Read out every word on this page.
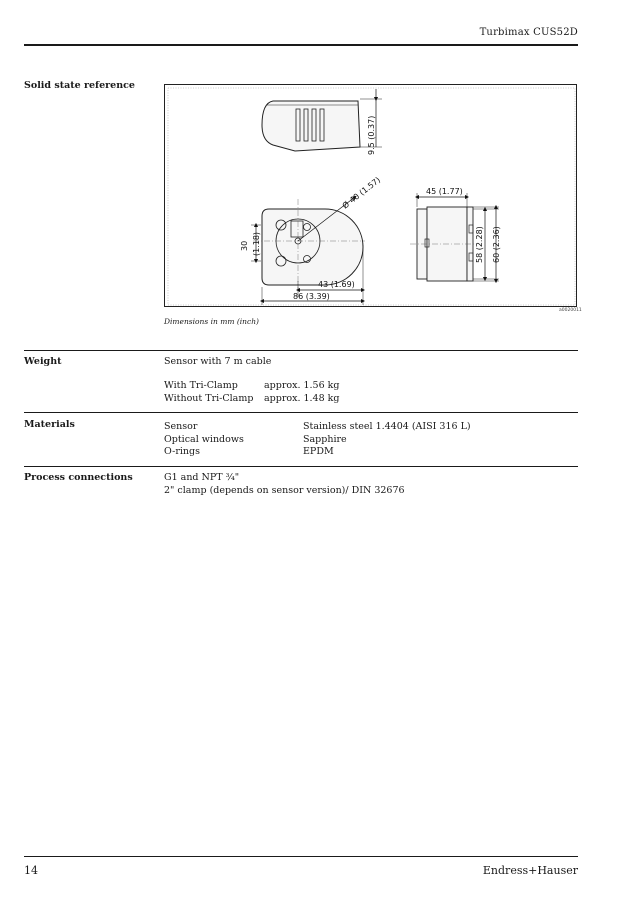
Turbimax CUS52D
Solid state reference
9.5 (0.37)
Ø 40 (1.57)
30 (1.18)
43 (1.69)
86 (3.39)
45 (1.77)
58 (2.28) 60 (2.36)
a0020011
Dimensions in mm (inch)
Weight	Sensor with 7 m cable
With Tri-Clamp	approx. 1.56 kg
Without Tri-Clamp approx. 1.48 kg
Materials	Sensor	Stainless steel 1.4404 (AISI 316 L)
Optical windows	Sapphire
O-rings	EPDM
Process connections	G1 and NPT ¾"
2" clamp (depends on sensor version)/ DIN 32676
14	Endress+Hauser
